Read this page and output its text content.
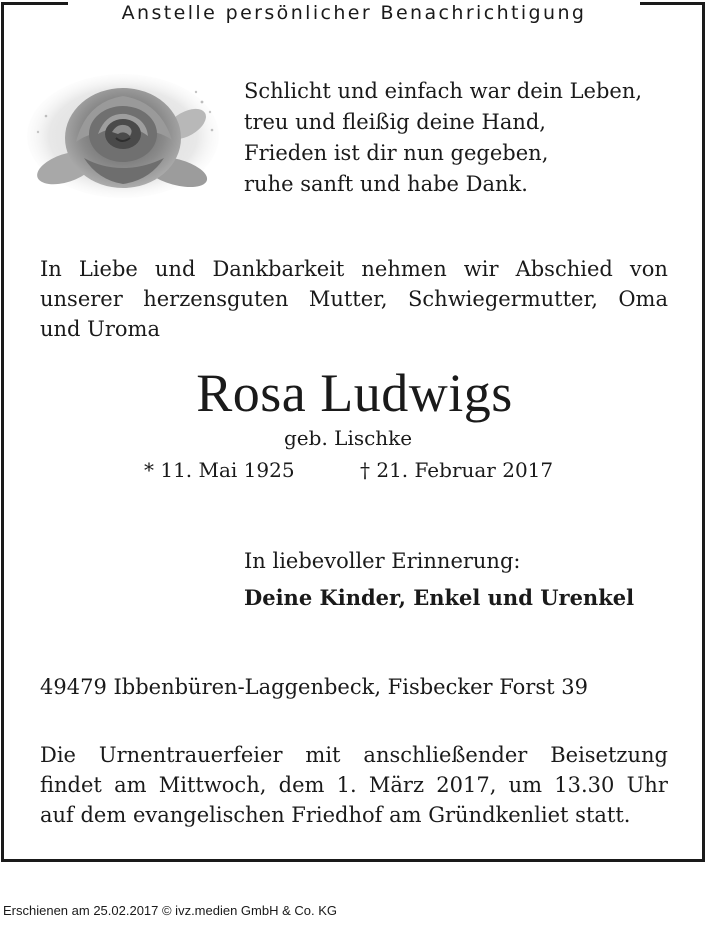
Anstelle persönlicher Benachrichtigung
Schlicht und einfach war dein Leben,
treu und fleißig deine Hand,
Frieden ist dir nun gegeben,
ruhe sanft und habe Dank.
In Liebe und Dankbarkeit nehmen wir Abschied von
unserer herzensguten Mutter, Schwiegermutter, Oma
und Uroma
Rosa Ludwigs
geb. Lischke
* 11. Mai 1925	† 21. Februar 2017
In liebevoller Erinnerung:
Deine Kinder, Enkel und Urenkel
49479 Ibbenbüren-Laggenbeck, Fisbecker Forst 39
Die Urnentrauerfeier mit anschließender Beisetzung
findet am Mittwoch, dem 1. März 2017, um 13.30 Uhr
auf dem evangelischen Friedhof am Gründkenliet statt.
Erschienen am 25.02.2017 © ivz.medien GmbH & Co. KG
